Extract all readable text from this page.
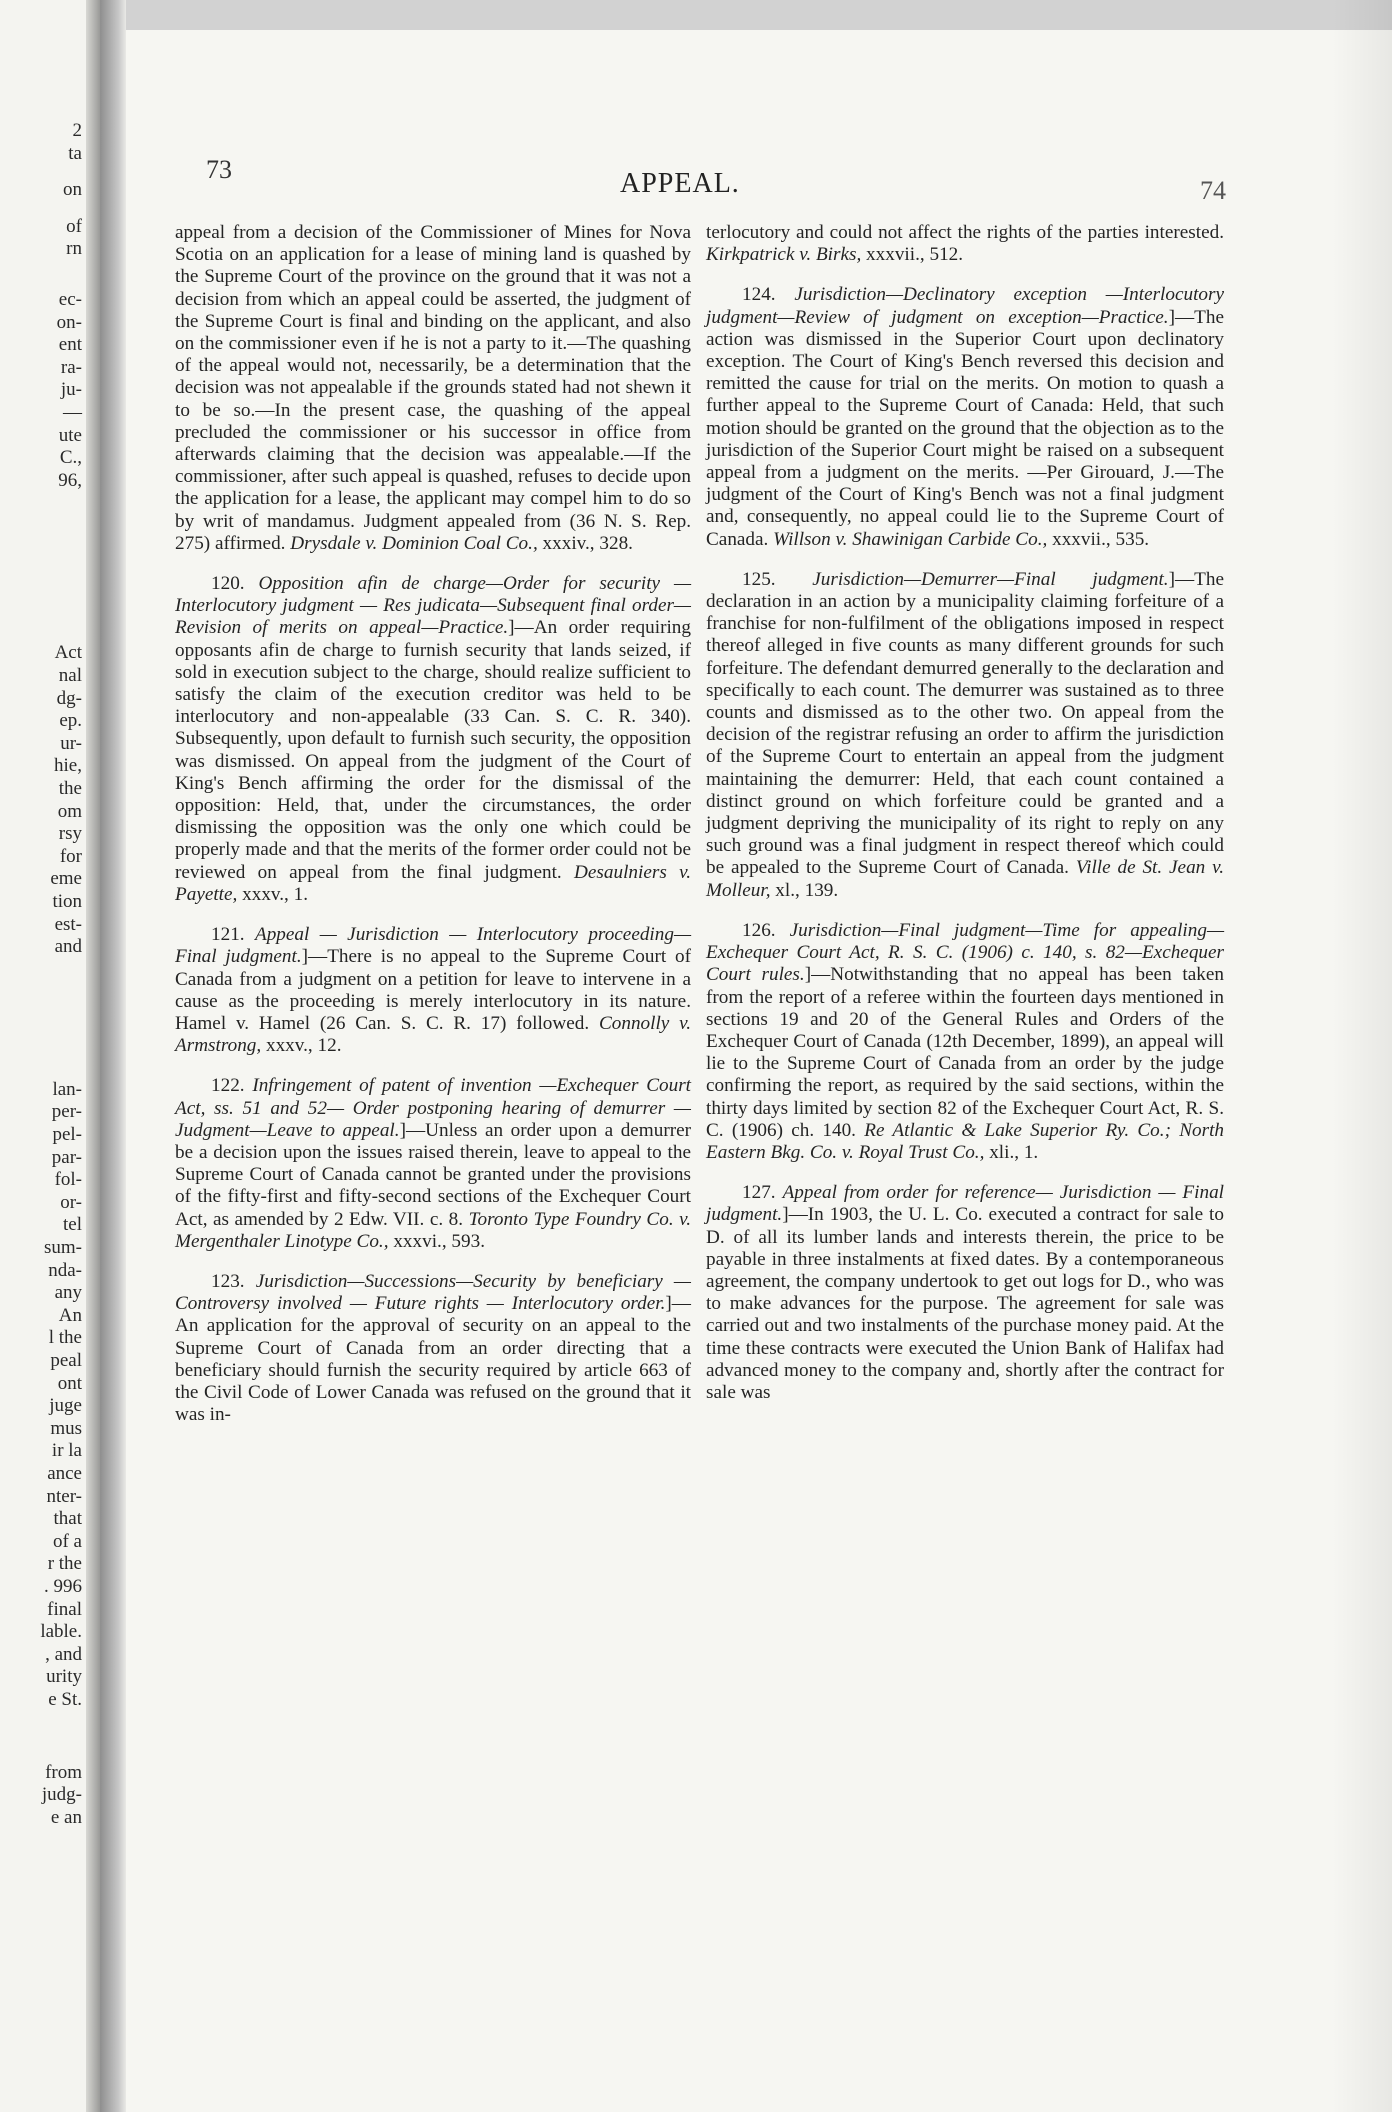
2
ta
on
of
rn
ec-
on-
ent
ra-
ju-
—
ute
C.,
96,
Act
nal
dg-
ep.
ur-
hie,
the
om
rsy
for
eme
tion
est-
and
lan-
per-
pel-
par-
fol-
or-
tel
sum-
nda-
any
An
l the
peal
ont
juge
mus
ir la
ance
nter-
that
of a
r the
. 996
final
lable.
, and
urity
e St.
from
judg-
e an
73	APPEAL.	74

appeal from a decision of the Commissioner of Mines for Nova Scotia on an application for a lease of mining land is quashed by the Supreme Court of the province on the ground that it was not a decision from which an appeal could be asserted, the judgment of the Supreme Court is final and binding on the applicant, and also on the commissioner even if he is not a party to it.—The quashing of the appeal would not, necessarily, be a determination that the decision was not appealable if the grounds stated had not shewn it to be so.—In the present case, the quashing of the appeal precluded the commissioner or his successor in office from afterwards claiming that the decision was appealable.—If the commissioner, after such appeal is quashed, refuses to decide upon the application for a lease, the applicant may compel him to do so by writ of mandamus. Judgment appealed from (36 N. S. Rep. 275) affirmed. Drysdale v. Dominion Coal Co., xxxiv., 328.

120. Opposition afin de charge—Order for security — Interlocutory judgment — Res judicata—Subsequent final order—Revision of merits on appeal—Practice.]—An order requiring opposants afin de charge to furnish security that lands seized, if sold in execution subject to the charge, should realize sufficient to satisfy the claim of the execution creditor was held to be interlocutory and non-appealable (33 Can. S. C. R. 340). Subsequently, upon default to furnish such security, the opposition was dismissed. On appeal from the judgment of the Court of King's Bench affirming the order for the dismissal of the opposition: Held, that, under the circumstances, the order dismissing the opposition was the only one which could be properly made and that the merits of the former order could not be reviewed on appeal from the final judgment. Desaulniers v. Payette, xxxv., 1.

121. Appeal — Jurisdiction — Interlocutory proceeding—Final judgment.]—There is no appeal to the Supreme Court of Canada from a judgment on a petition for leave to intervene in a cause as the proceeding is merely interlocutory in its nature. Hamel v. Hamel (26 Can. S. C. R. 17) followed. Connolly v. Armstrong, xxxv., 12.

122. Infringement of patent of invention —Exchequer Court Act, ss. 51 and 52— Order postponing hearing of demurrer — Judgment—Leave to appeal.]—Unless an order upon a demurrer be a decision upon the issues raised therein, leave to appeal to the Supreme Court of Canada cannot be granted under the provisions of the fifty-first and fifty-second sections of the Exchequer Court Act, as amended by 2 Edw. VII. c. 8. Toronto Type Foundry Co. v. Mergenthaler Linotype Co., xxxvi., 593.

123. Jurisdiction—Successions—Security by beneficiary — Controversy involved — Future rights — Interlocutory order.]—An application for the approval of security on an appeal to the Supreme Court of Canada from an order directing that a beneficiary should furnish the security required by article 663 of the Civil Code of Lower Canada was refused on the ground that it was in-

terlocutory and could not affect the rights of the parties interested. Kirkpatrick v. Birks, xxxvii., 512.

124. Jurisdiction—Declinatory exception —Interlocutory judgment—Review of judgment on exception—Practice.]—The action was dismissed in the Superior Court upon declinatory exception. The Court of King's Bench reversed this decision and remitted the cause for trial on the merits. On motion to quash a further appeal to the Supreme Court of Canada: Held, that such motion should be granted on the ground that the objection as to the jurisdiction of the Superior Court might be raised on a subsequent appeal from a judgment on the merits. —Per Girouard, J.—The judgment of the Court of King's Bench was not a final judgment and, consequently, no appeal could lie to the Supreme Court of Canada. Willson v. Shawinigan Carbide Co., xxxvii., 535.

125. Jurisdiction—Demurrer—Final judgment.]—The declaration in an action by a municipality claiming forfeiture of a franchise for non-fulfilment of the obligations imposed in respect thereof alleged in five counts as many different grounds for such forfeiture. The defendant demurred generally to the declaration and specifically to each count. The demurrer was sustained as to three counts and dismissed as to the other two. On appeal from the decision of the registrar refusing an order to affirm the jurisdiction of the Supreme Court to entertain an appeal from the judgment maintaining the demurrer: Held, that each count contained a distinct ground on which forfeiture could be granted and a judgment depriving the municipality of its right to reply on any such ground was a final judgment in respect thereof which could be appealed to the Supreme Court of Canada. Ville de St. Jean v. Molleur, xl., 139.

126. Jurisdiction—Final judgment—Time for appealing—Exchequer Court Act, R. S. C. (1906) c. 140, s. 82—Exchequer Court rules.]—Notwithstanding that no appeal has been taken from the report of a referee within the fourteen days mentioned in sections 19 and 20 of the General Rules and Orders of the Exchequer Court of Canada (12th December, 1899), an appeal will lie to the Supreme Court of Canada from an order by the judge confirming the report, as required by the said sections, within the thirty days limited by section 82 of the Exchequer Court Act, R. S. C. (1906) ch. 140. Re Atlantic & Lake Superior Ry. Co.; North Eastern Bkg. Co. v. Royal Trust Co., xli., 1.

127. Appeal from order for reference— Jurisdiction — Final judgment.]—In 1903, the U. L. Co. executed a contract for sale to D. of all its lumber lands and interests therein, the price to be payable in three instalments at fixed dates. By a contemporaneous agreement, the company undertook to get out logs for D., who was to make advances for the purpose. The agreement for sale was carried out and two instalments of the purchase money paid. At the time these contracts were executed the Union Bank of Halifax had advanced money to the company and, shortly after the contract for sale was
